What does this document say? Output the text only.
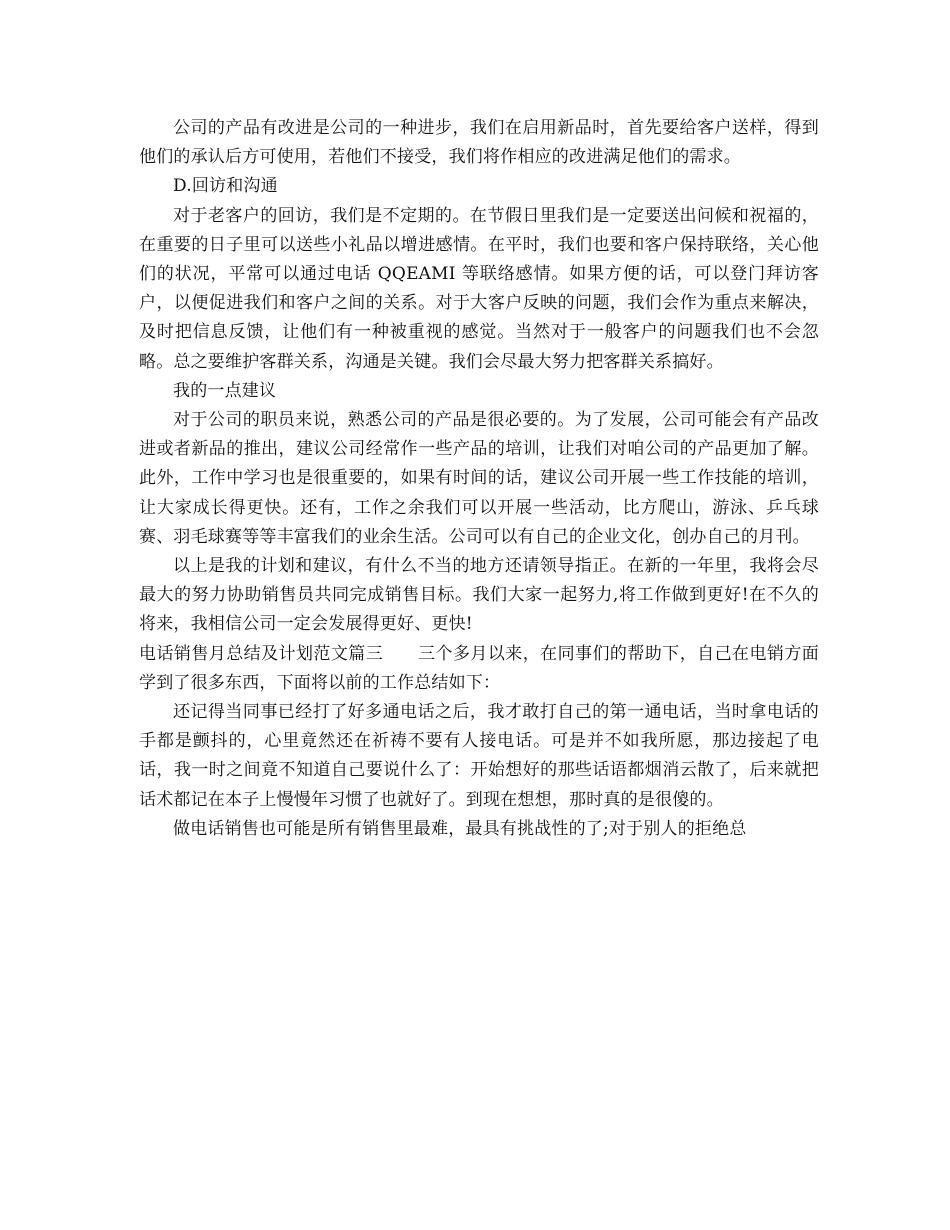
公司的产品有改进是公司的一种进步，我们在启用新品时，首先要给客户送样，得到他们的承认后方可使用，若他们不接受，我们将作相应的改进满足他们的需求。

D.回访和沟通

对于老客户的回访，我们是不定期的。在节假日里我们是一定要送出问候和祝福的，在重要的日子里可以送些小礼品以增进感情。在平时，我们也要和客户保持联络，关心他们的状况，平常可以通过电话 QQEAMI 等联络感情。如果方便的话，可以登门拜访客户，以便促进我们和客户之间的关系。对于大客户反映的问题，我们会作为重点来解决，及时把信息反馈，让他们有一种被重视的感觉。当然对于一般客户的问题我们也不会忽略。总之要维护客群关系，沟通是关键。我们会尽最大努力把客群关系搞好。

我的一点建议

对于公司的职员来说，熟悉公司的产品是很必要的。为了发展，公司可能会有产品改进或者新品的推出，建议公司经常作一些产品的培训，让我们对咱公司的产品更加了解。此外，工作中学习也是很重要的，如果有时间的话，建议公司开展一些工作技能的培训，让大家成长得更快。还有，工作之余我们可以开展一些活动，比方爬山，游泳、乒乓球赛、羽毛球赛等等丰富我们的业余生活。公司可以有自己的企业文化，创办自己的月刊。

以上是我的计划和建议，有什么不当的地方还请领导指正。在新的一年里，我将会尽最大的努力协助销售员共同完成销售目标。我们大家一起努力,将工作做到更好!在不久的将来，我相信公司一定会发展得更好、更快!

电话销售月总结及计划范文篇三　　三个多月以来，在同事们的帮助下，自己在电销方面学到了很多东西，下面将以前的工作总结如下：

还记得当同事已经打了好多通电话之后，我才敢打自己的第一通电话，当时拿电话的手都是颤抖的，心里竟然还在祈祷不要有人接电话。可是并不如我所愿，那边接起了电话，我一时之间竟不知道自己要说什么了：开始想好的那些话语都烟消云散了，后来就把话术都记在本子上慢慢年习惯了也就好了。到现在想想，那时真的是很傻的。

做电话销售也可能是所有销售里最难，最具有挑战性的了;对于别人的拒绝总
